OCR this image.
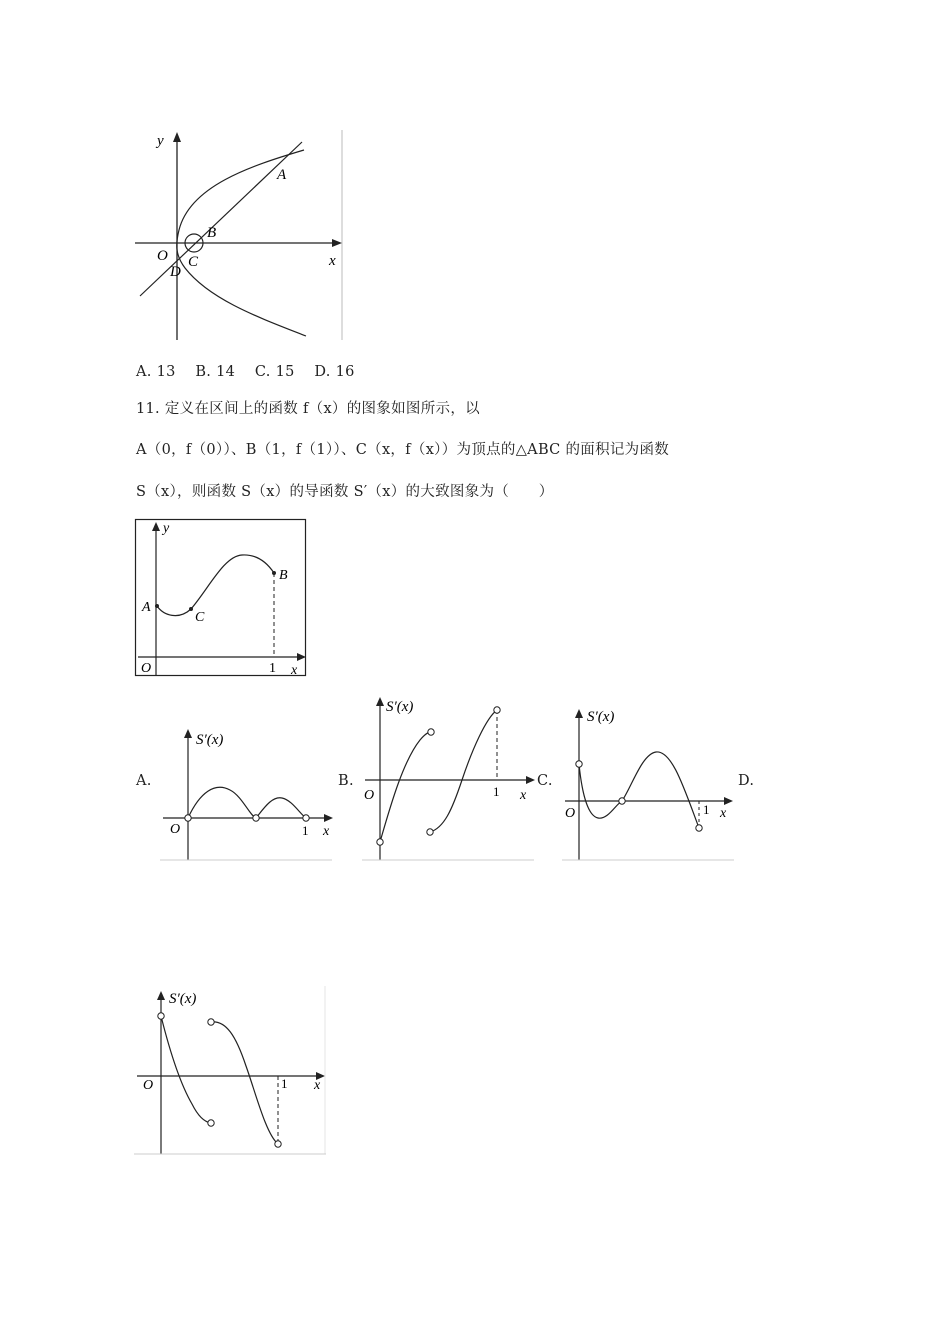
y
x
O
A
B
C
D
A. 13　 B. 14　 C. 15　 D. 16
11. 定义在区间上的函数 f（x）的图象如图所示，以
A（0，f（0））、B（1，f（1））、C（x，f（x））为顶点的△ABC 的面积记为函数
S（x），则函数 S（x）的导函数 S′（x）的大致图象为（　　）
y
x
O	1
A
C
B
A.	B.	C.	D.
S′(x)
x
O	1
S′(x)
x
O	1
S′(x)
x
O	1
S′(x)
x
O	1
